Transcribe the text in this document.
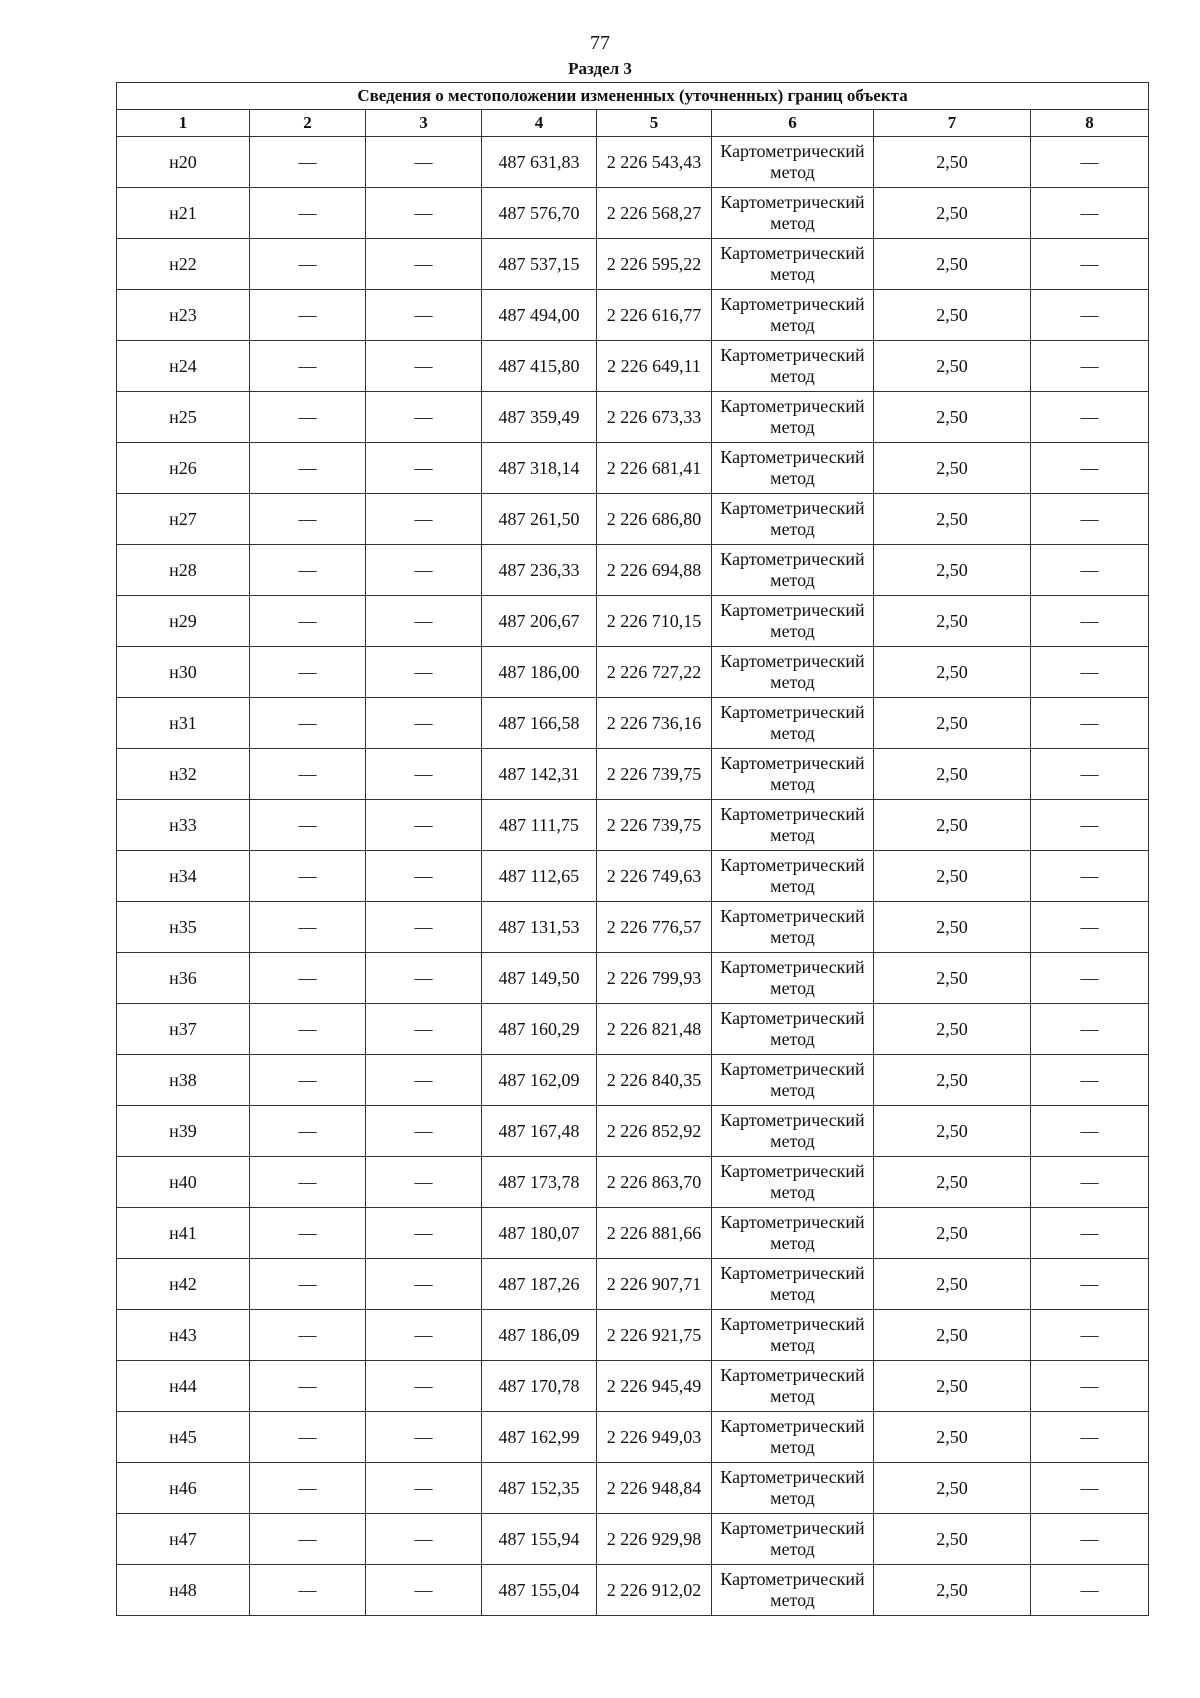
77
Раздел 3
Сведения о местоположении измененных (уточненных) границ объекта							
1	2	3	4	5	6	7	8
н20	—	—	487 631,83	2 226 543,43	Картометрический метод	2,50	—
н21	—	—	487 576,70	2 226 568,27	Картометрический метод	2,50	—
н22	—	—	487 537,15	2 226 595,22	Картометрический метод	2,50	—
н23	—	—	487 494,00	2 226 616,77	Картометрический метод	2,50	—
н24	—	—	487 415,80	2 226 649,11	Картометрический метод	2,50	—
н25	—	—	487 359,49	2 226 673,33	Картометрический метод	2,50	—
н26	—	—	487 318,14	2 226 681,41	Картометрический метод	2,50	—
н27	—	—	487 261,50	2 226 686,80	Картометрический метод	2,50	—
н28	—	—	487 236,33	2 226 694,88	Картометрический метод	2,50	—
н29	—	—	487 206,67	2 226 710,15	Картометрический метод	2,50	—
н30	—	—	487 186,00	2 226 727,22	Картометрический метод	2,50	—
н31	—	—	487 166,58	2 226 736,16	Картометрический метод	2,50	—
н32	—	—	487 142,31	2 226 739,75	Картометрический метод	2,50	—
н33	—	—	487 111,75	2 226 739,75	Картометрический метод	2,50	—
н34	—	—	487 112,65	2 226 749,63	Картометрический метод	2,50	—
н35	—	—	487 131,53	2 226 776,57	Картометрический метод	2,50	—
н36	—	—	487 149,50	2 226 799,93	Картометрический метод	2,50	—
н37	—	—	487 160,29	2 226 821,48	Картометрический метод	2,50	—
н38	—	—	487 162,09	2 226 840,35	Картометрический метод	2,50	—
н39	—	—	487 167,48	2 226 852,92	Картометрический метод	2,50	—
н40	—	—	487 173,78	2 226 863,70	Картометрический метод	2,50	—
н41	—	—	487 180,07	2 226 881,66	Картометрический метод	2,50	—
н42	—	—	487 187,26	2 226 907,71	Картометрический метод	2,50	—
н43	—	—	487 186,09	2 226 921,75	Картометрический метод	2,50	—
н44	—	—	487 170,78	2 226 945,49	Картометрический метод	2,50	—
н45	—	—	487 162,99	2 226 949,03	Картометрический метод	2,50	—
н46	—	—	487 152,35	2 226 948,84	Картометрический метод	2,50	—
н47	—	—	487 155,94	2 226 929,98	Картометрический метод	2,50	—
н48	—	—	487 155,04	2 226 912,02	Картометрический метод	2,50	—
